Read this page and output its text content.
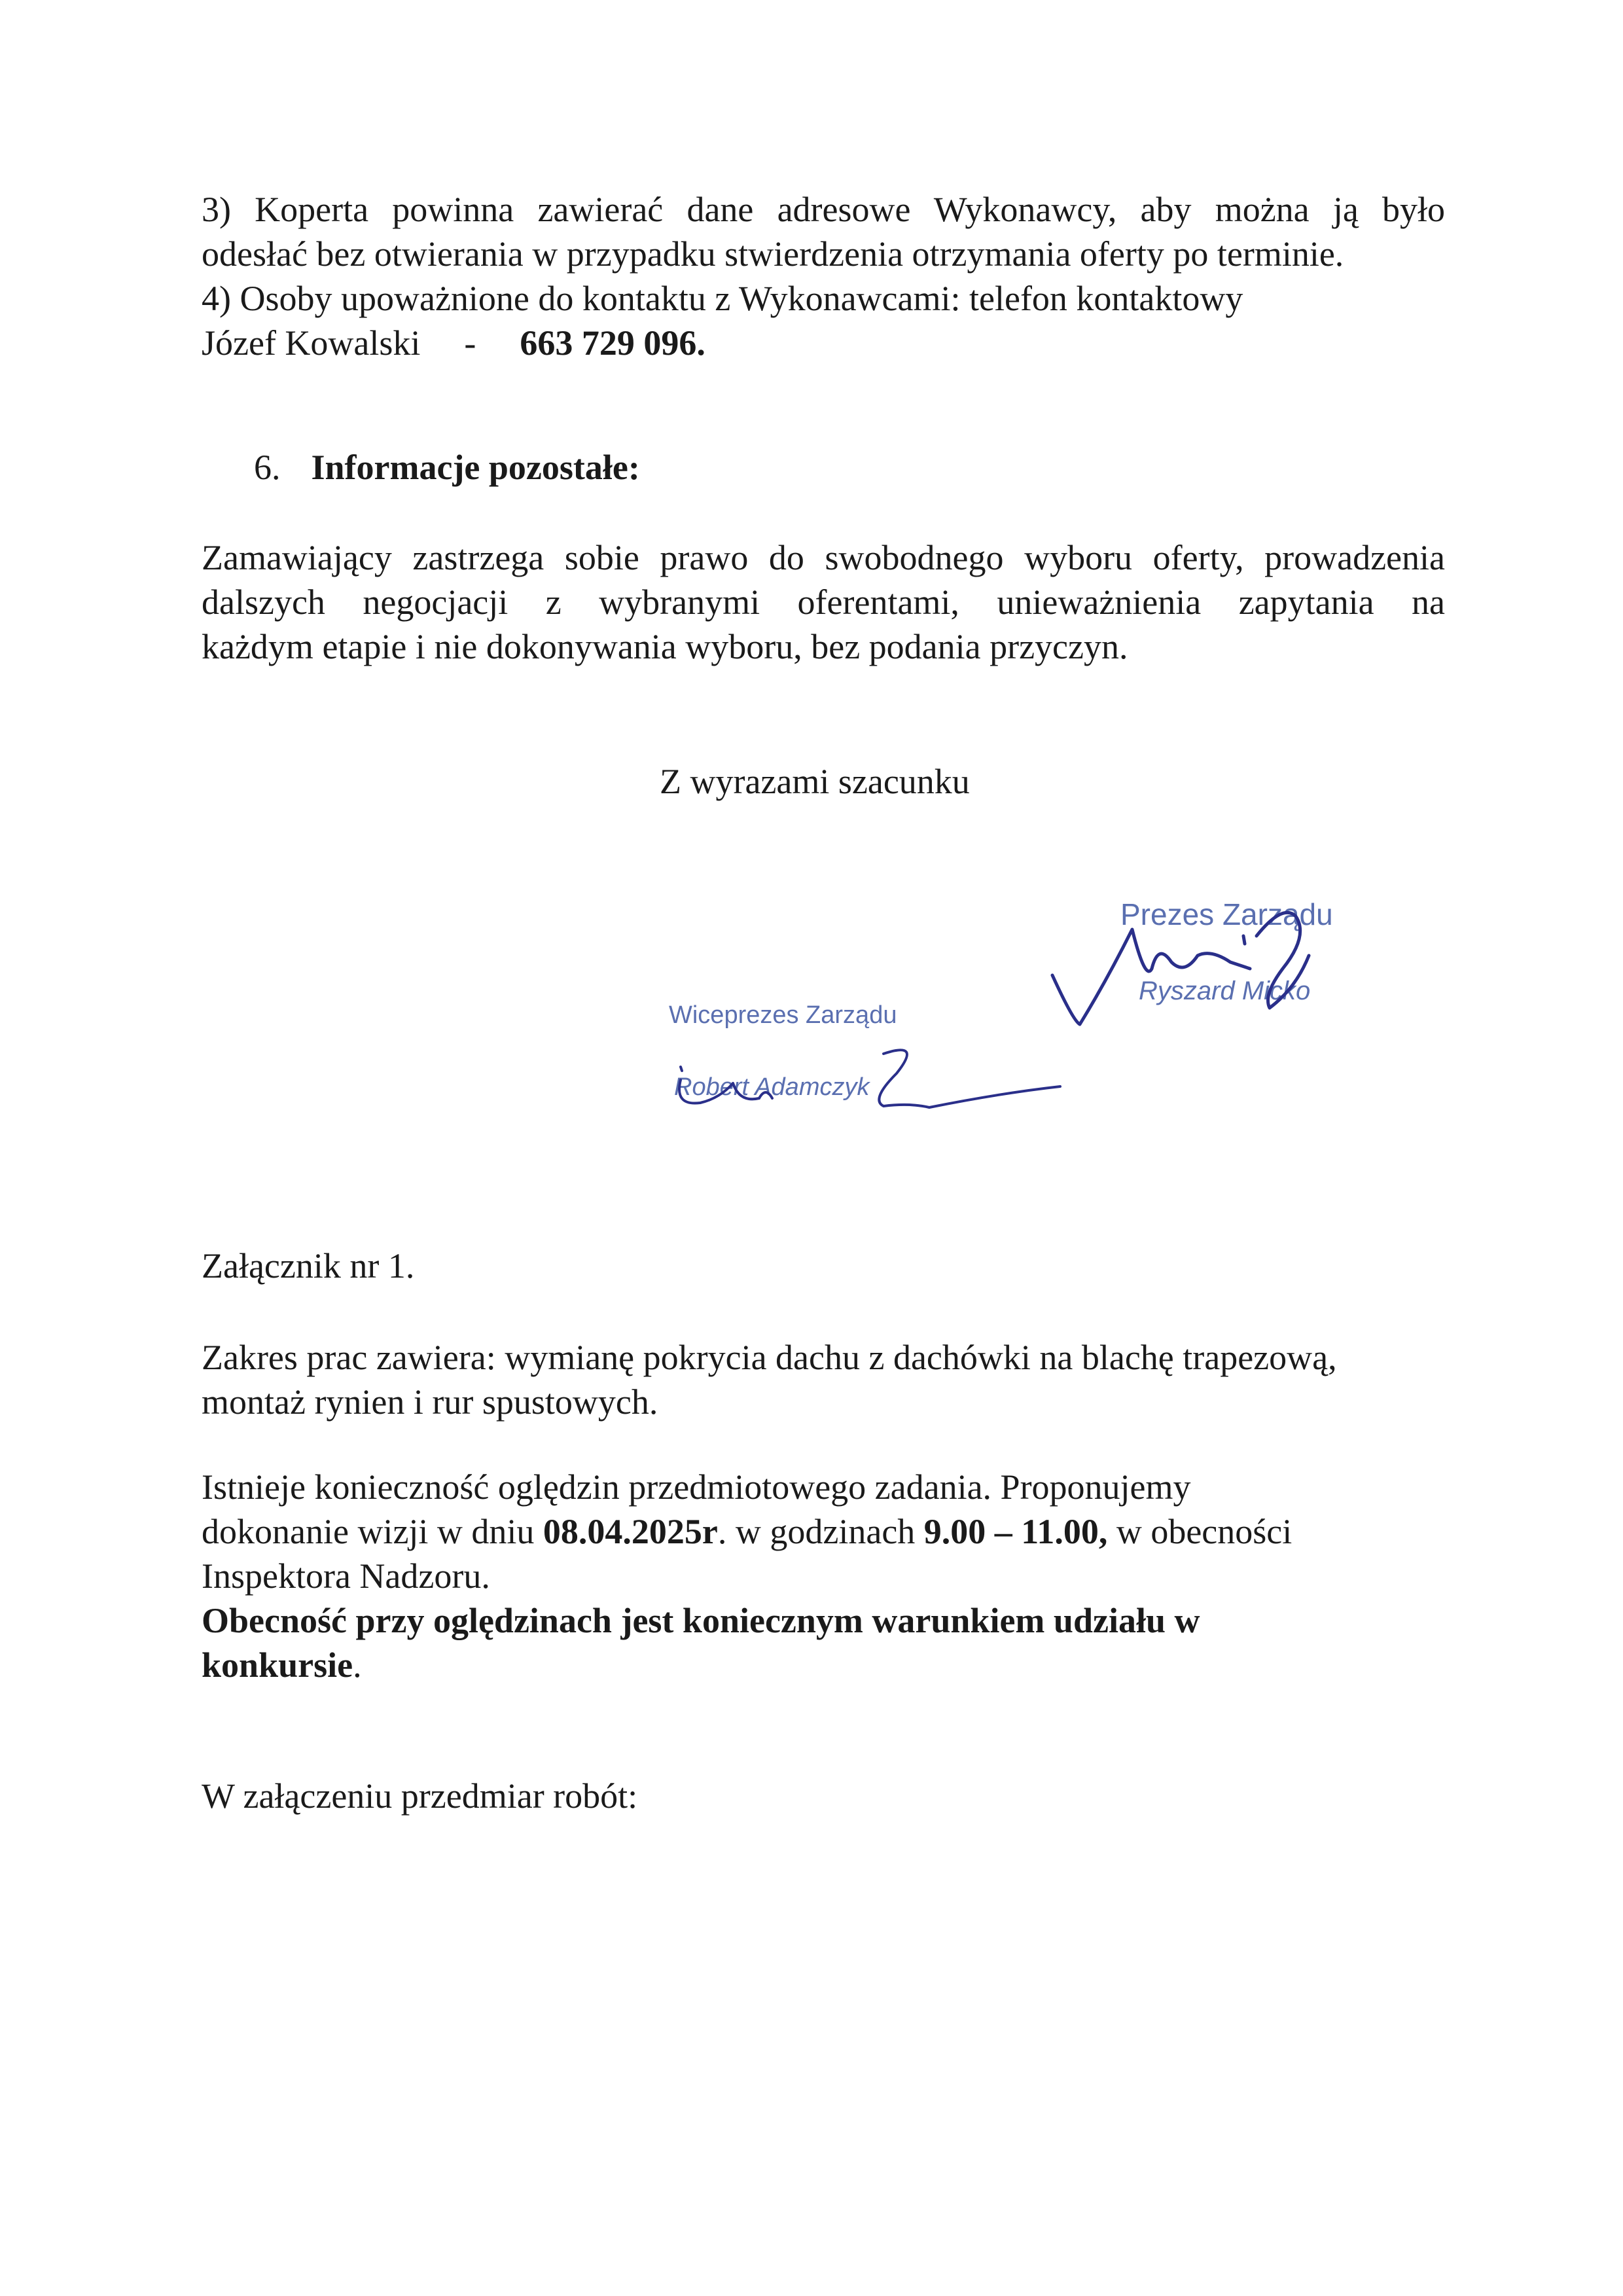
3) Koperta powinna zawierać dane adresowe Wykonawcy, aby można ją było
odesłać bez otwierania w przypadku stwierdzenia otrzymania oferty po terminie.

4) Osoby upoważnione do kontaktu z Wykonawcami: telefon kontaktowy
Józef Kowalski - 663 729 096.

6. Informacje pozostałe:

Zamawiający zastrzega sobie prawo do swobodnego wyboru oferty, prowadzenia
dalszych negocjacji z wybranymi oferentami, unieważnienia zapytania na
każdym etapie i nie dokonywania wyboru, bez podania przyczyn.

Z wyrazami szacunku

Prezes Zarządu
Ryszard Micko
Wiceprezes Zarządu
Robert Adamczyk

Załącznik nr 1.

Zakres prac zawiera: wymianę pokrycia dachu z dachówki na blachę trapezową,
montaż rynien i rur spustowych.

Istnieje konieczność oględzin przedmiotowego zadania. Proponujemy
dokonanie wizji w dniu 08.04.2025r. w godzinach 9.00 – 11.00, w obecności
Inspektora Nadzoru.
Obecność przy oględzinach jest koniecznym warunkiem udziału w
konkursie.

W załączeniu przedmiar robót:
